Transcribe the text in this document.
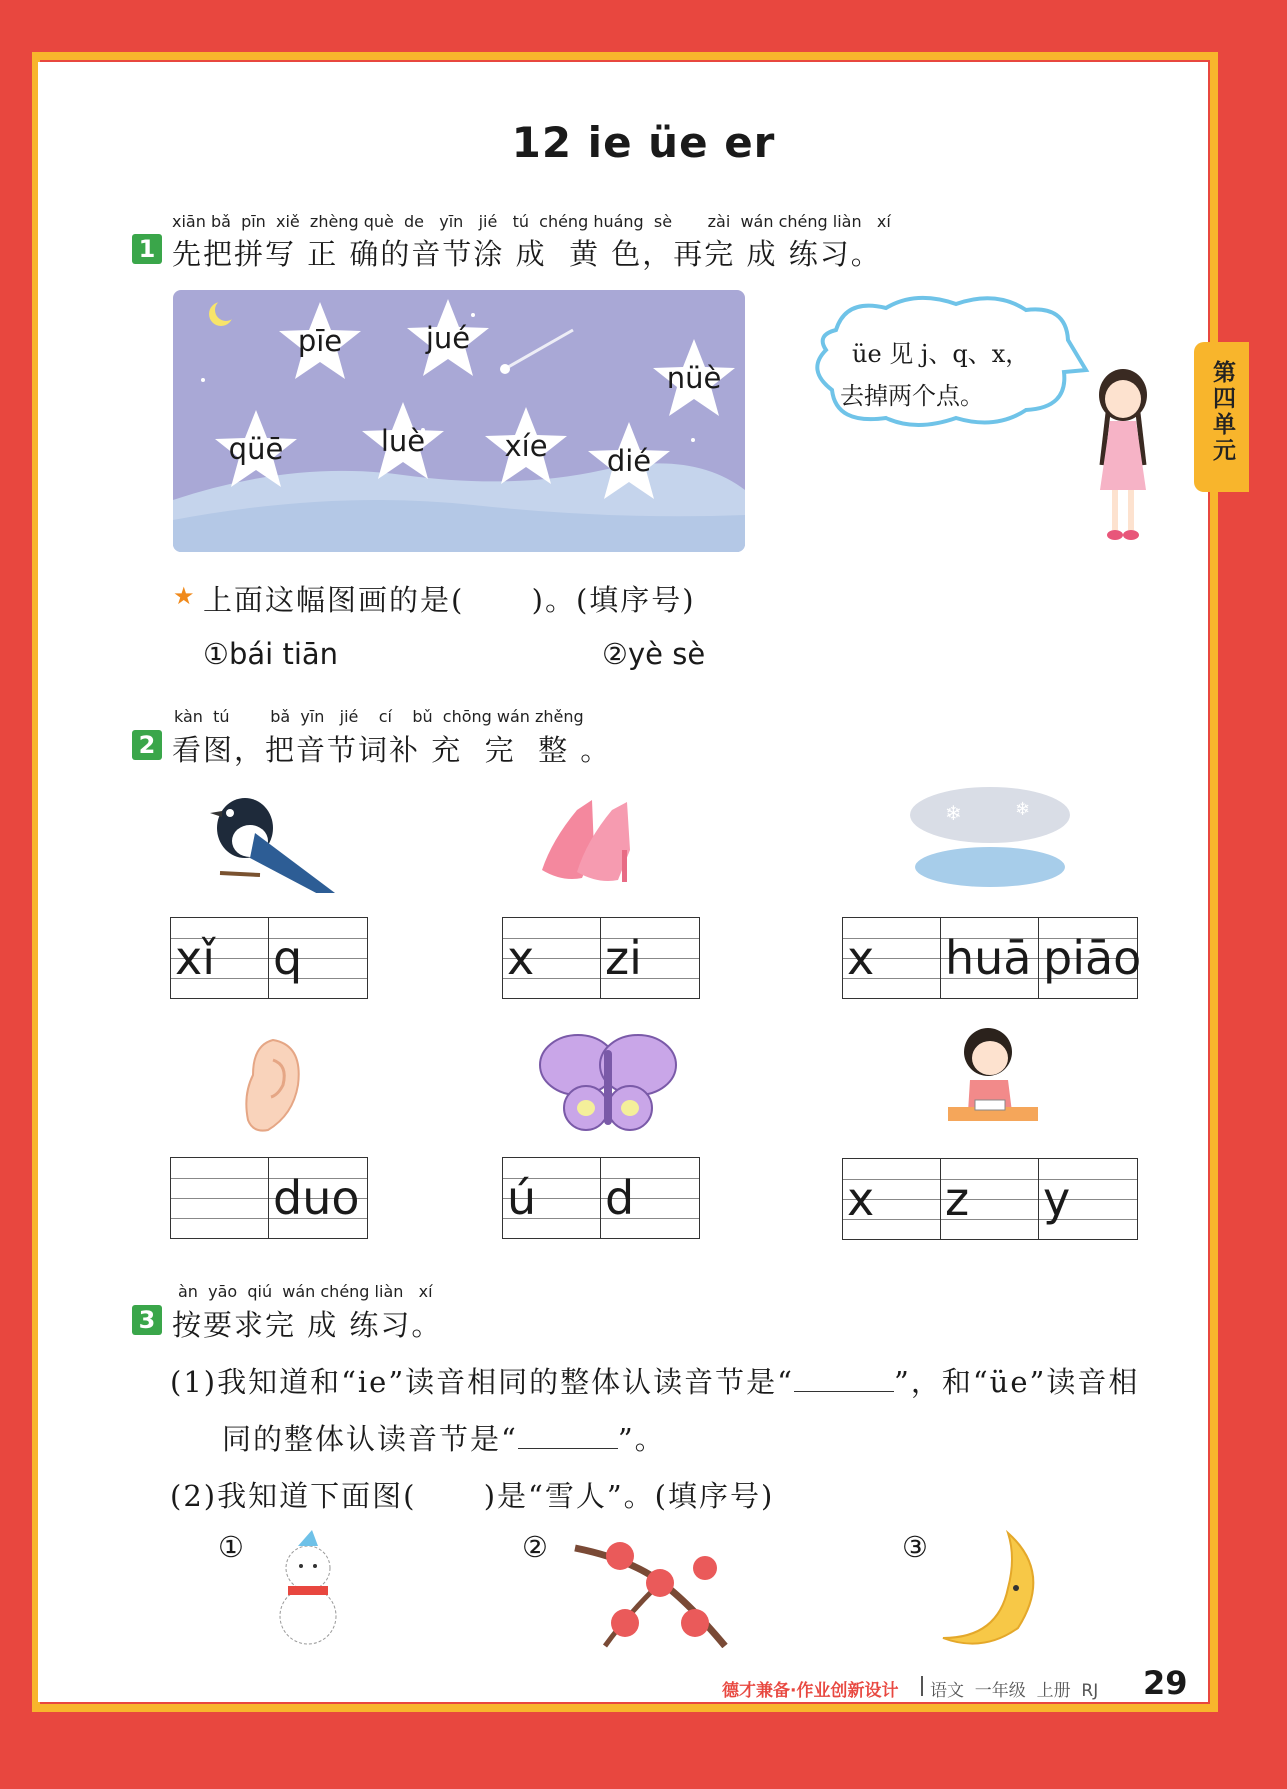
12 ie üe er
第四单元
xiān bǎ  pīn  xiě  zhèng què  de   yīn   jié   tú  chéng huáng  sè       zài  wán chéng liàn   xí
1 先把拼写 正 确的音节涂 成  黄 色，再完 成 练习。
pīe	jué
nüè
qüē	luè	xíe	dié
üe 见 j、q、x，
去掉两个点。
★ 上面这幅图画的是(      )。(填序号)
①bái tiān	②yè sè
kàn  tú        bǎ  yīn   jié    cí    bǔ  chōng wán zhěng
2 看图，把音节词补 充  完  整 。
❄	❄
xǐ q	x zi	x huā piāo
duo	ú d	x z y
àn  yāo  qiú  wán chéng liàn   xí
3 按要求完 成 练习。
(1)我知道和“ie”读音相同的整体认读音节是“	”，和“üe”读音相
同的整体认读音节是“	”。
(2)我知道下面图(      )是“雪人”。(填序号)
①	②	③
德才兼备·作业创新设计 语文  一年级  上册  RJ 29
